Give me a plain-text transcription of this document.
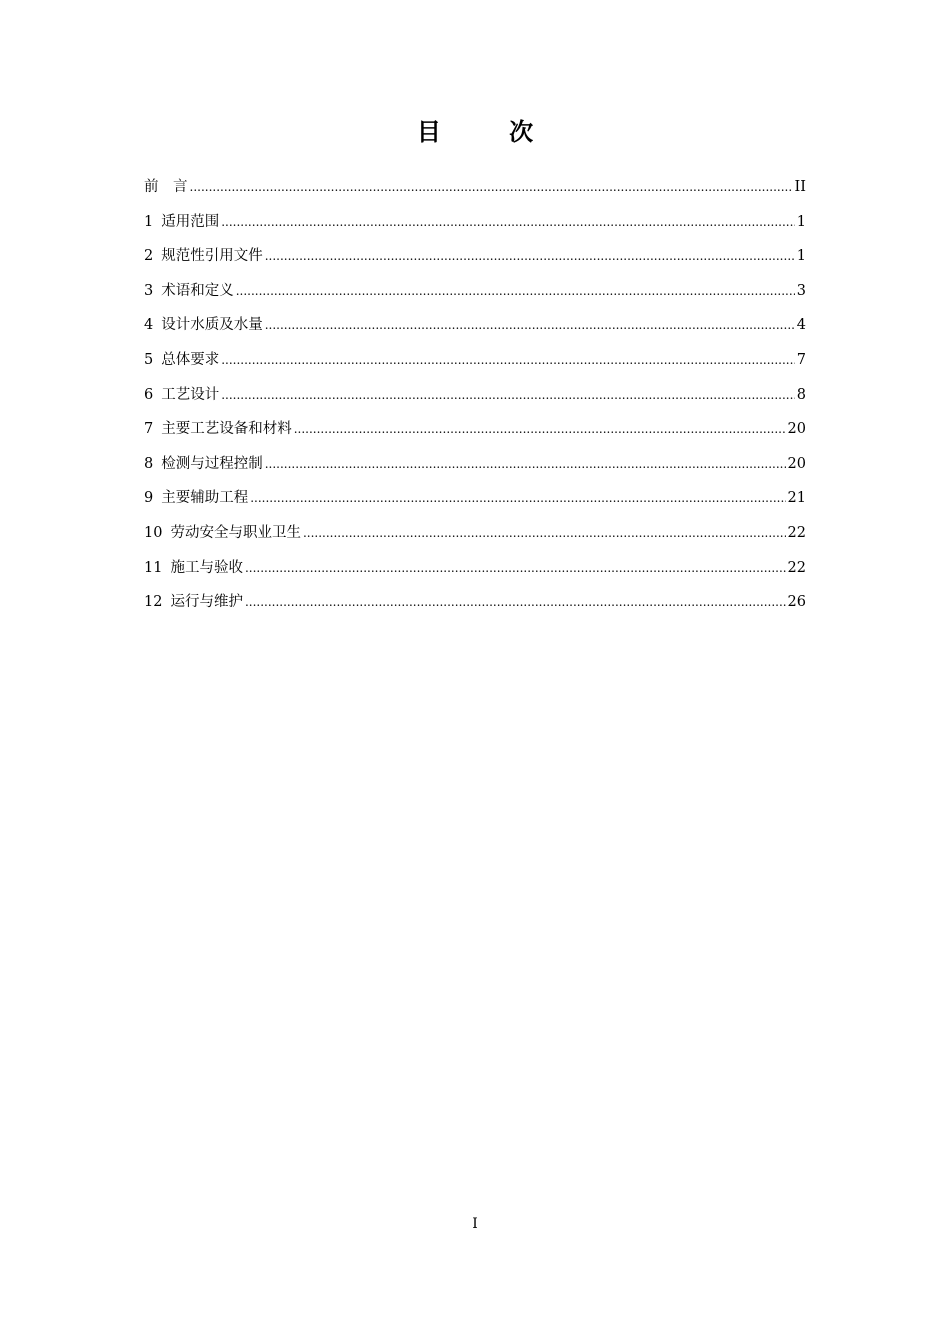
目 次
前　言 .....	II
1 适用范围 .....	1
2 规范性引用文件 .....	1
3 术语和定义 .....	3
4 设计水质及水量 .....	4
5 总体要求 .....	7
6 工艺设计 .....	8
7 主要工艺设备和材料 .....	20
8 检测与过程控制 .....	20
9 主要辅助工程 .....	21
10 劳动安全与职业卫生 .....	22
11 施工与验收 .....	22
12 运行与维护 .....	26
I
